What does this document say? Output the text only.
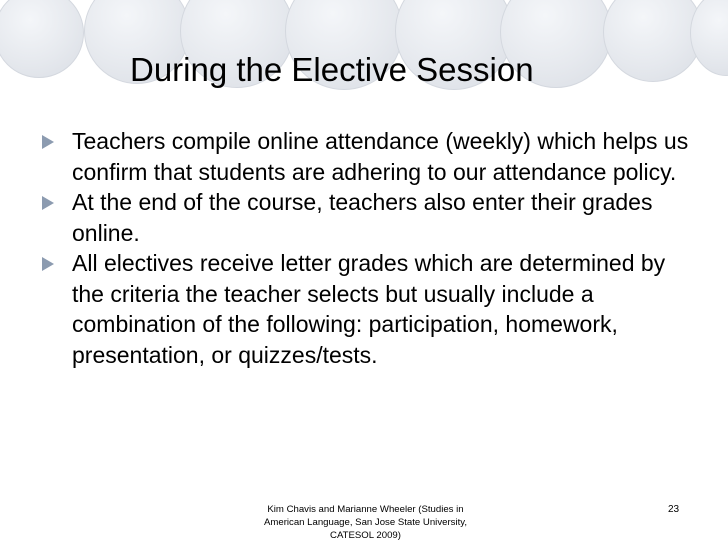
During the Elective Session
Teachers compile online attendance (weekly) which helps us confirm that students are adhering to our attendance policy.
At the end of the course, teachers also enter their grades online.
All electives receive letter grades which are determined by the criteria the teacher selects but usually include a combination of the following: participation, homework, presentation, or quizzes/tests.
Kim Chavis and Marianne Wheeler (Studies in American Language, San Jose State University, CATESOL 2009)
23
